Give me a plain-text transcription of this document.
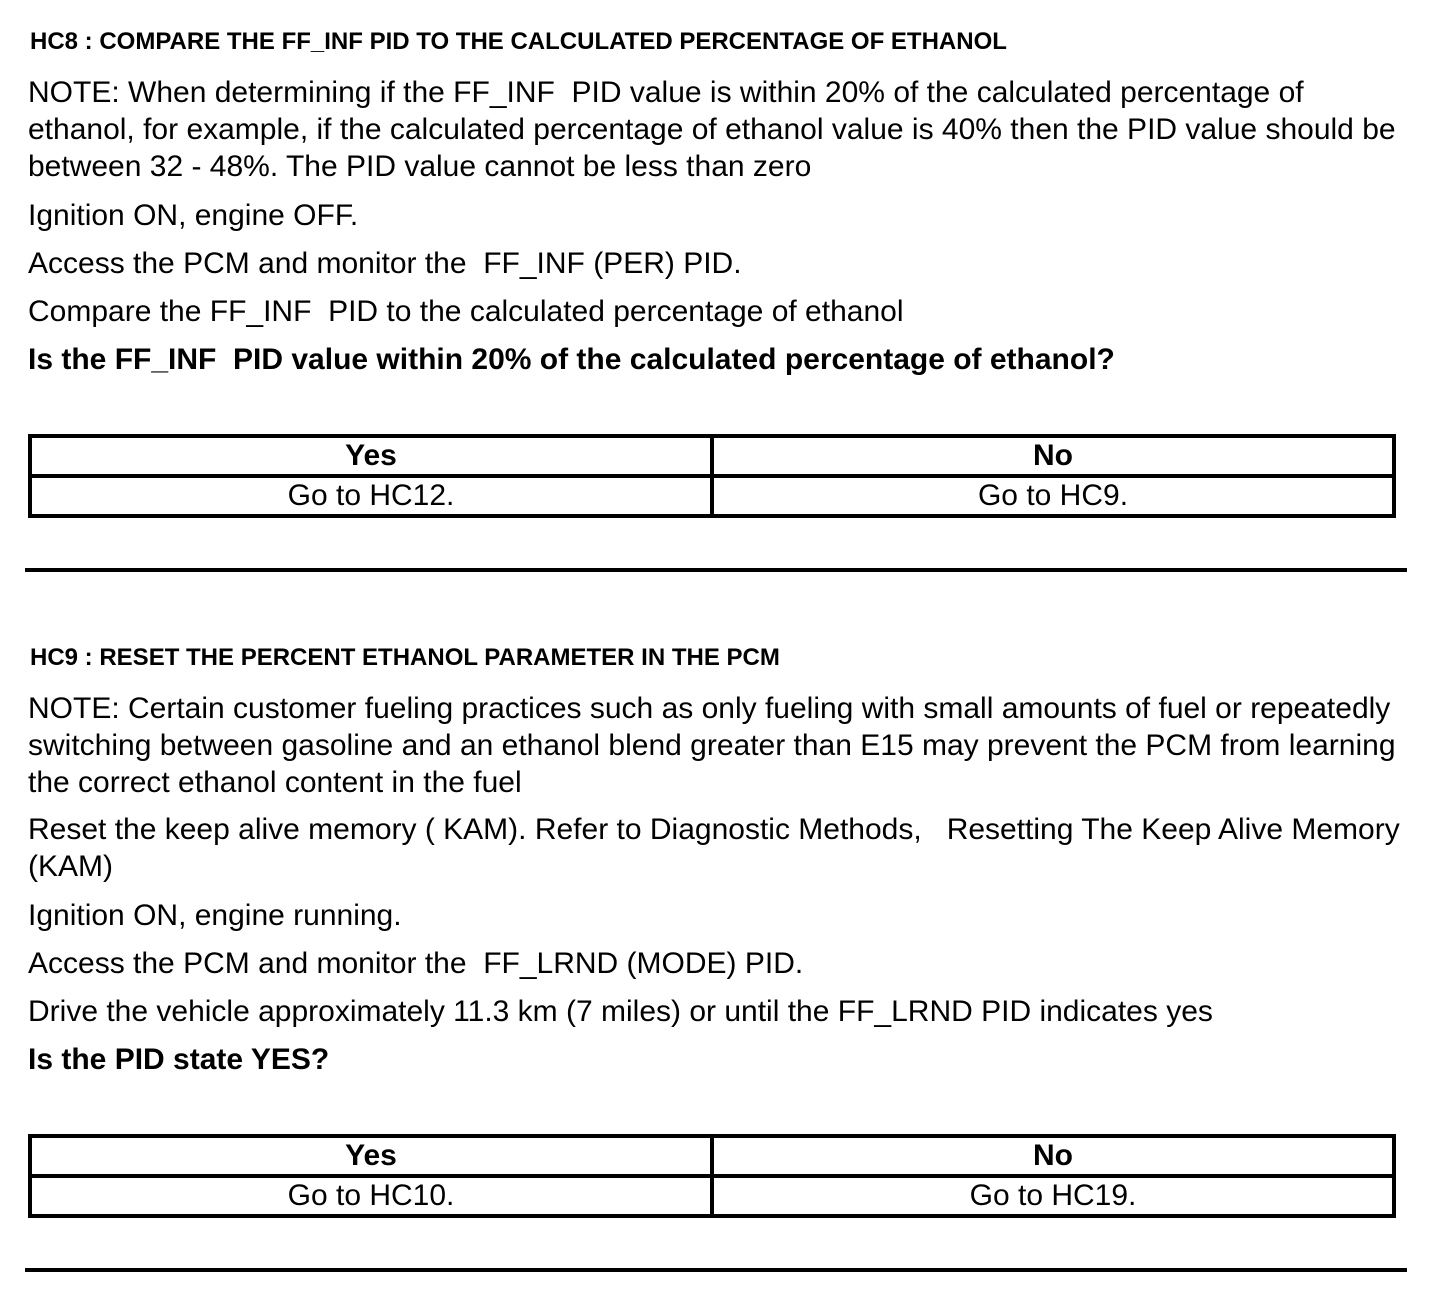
HC8 : COMPARE THE FF_INF PID TO THE CALCULATED PERCENTAGE OF ETHANOL
NOTE: When determining if the FF_INF  PID value is within 20% of the calculated percentage of ethanol, for example, if the calculated percentage of ethanol value is 40% then the PID value should be between 32 - 48%. The PID value cannot be less than zero
Ignition ON, engine OFF.
Access the PCM and monitor the  FF_INF (PER) PID.
Compare the FF_INF  PID to the calculated percentage of ethanol
Is the FF_INF  PID value within 20% of the calculated percentage of ethanol?
Yes	No
Go to HC12.	Go to HC9.
HC9 : RESET THE PERCENT ETHANOL PARAMETER IN THE PCM
NOTE: Certain customer fueling practices such as only fueling with small amounts of fuel or repeatedly switching between gasoline and an ethanol blend greater than E15 may prevent the PCM from learning the correct ethanol content in the fuel
Reset the keep alive memory ( KAM). Refer to Diagnostic Methods,   Resetting The Keep Alive Memory (KAM)
Ignition ON, engine running.
Access the PCM and monitor the  FF_LRND (MODE) PID.
Drive the vehicle approximately 11.3 km (7 miles) or until the FF_LRND PID indicates yes
Is the PID state YES?
Yes	No
Go to HC10.	Go to HC19.
